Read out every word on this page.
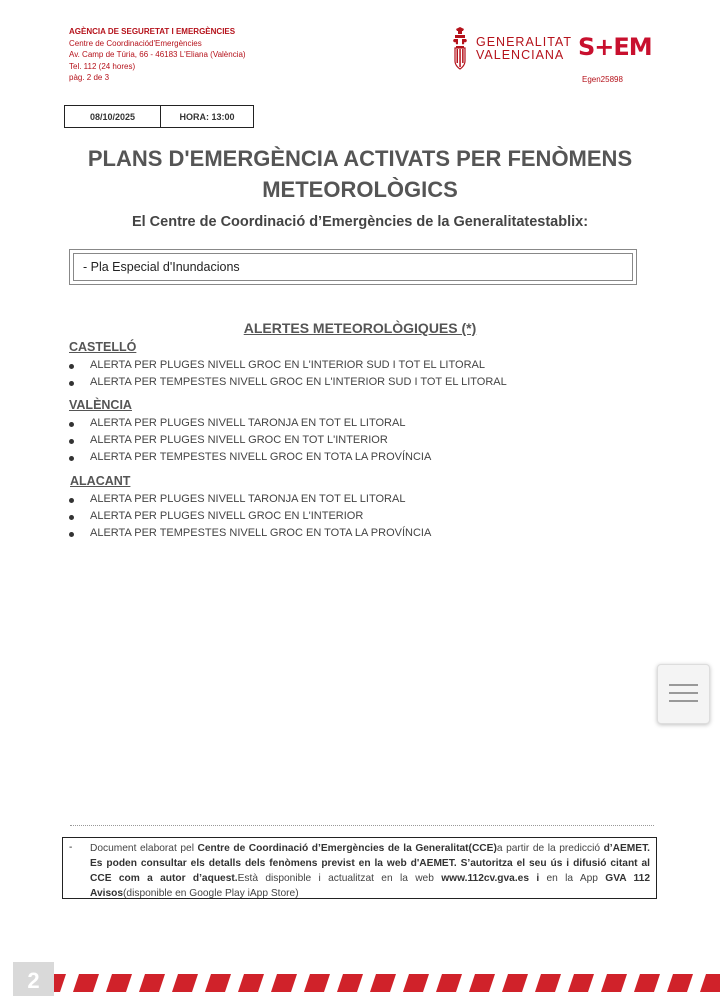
AGÈNCIA DE SEGURETAT I EMERGÈNCIES
Centre de Coordinaciód'Emergències
Av. Camp de Túria, 66 - 46183 L'Eliana (València)
Tel. 112 (24 hores)
pàg. 2 de 3
GENERALITAT
VALENCIANA S+EM
Egen25898
08/10/2025	HORA: 13:00
PLANS D'EMERGÈNCIA ACTIVATS PER FENÒMENS METEOROLÒGICS
El Centre de Coordinació d’Emergències de la Generalitatestablix:
- Pla Especial d'Inundacions
ALERTES METEOROLÒGIQUES (*)
CASTELLÓ
ALERTA PER PLUGES NIVELL GROC EN L'INTERIOR SUD I TOT EL LITORAL
ALERTA PER TEMPESTES NIVELL GROC EN L'INTERIOR SUD I TOT EL LITORAL
VALÈNCIA
ALERTA PER PLUGES NIVELL TARONJA EN TOT EL LITORAL
ALERTA PER PLUGES NIVELL GROC EN TOT L'INTERIOR
ALERTA PER TEMPESTES NIVELL GROC EN TOTA LA PROVÍNCIA
ALACANT
ALERTA PER PLUGES NIVELL TARONJA EN TOT EL LITORAL
ALERTA PER PLUGES NIVELL GROC EN L'INTERIOR
ALERTA PER TEMPESTES NIVELL GROC EN TOTA LA PROVÍNCIA
- Document elaborat pel Centre de Coordinació d’Emergències de la Generalitat(CCE)a partir de la predicció d’AEMET. Es poden consultar els detalls dels fenòmens previst en la web d'AEMET. S’autoritza el seu ús i difusió citant al CCE com a autor d’aquest.Està disponible i actualitzat en la web www.112cv.gva.es i en la App GVA 112 Avisos(disponible en Google Play iApp Store)
2
